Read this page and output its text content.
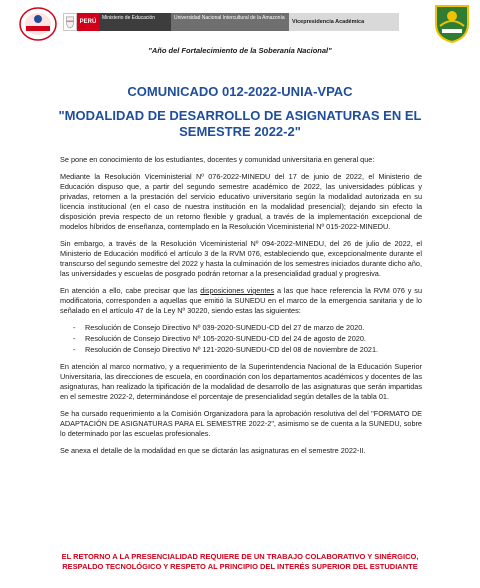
PERÚ
Ministerio de Educación	Universidad Nacional Intercultural de la Amazonía
Vicepresidencia Académica
"Año del Fortalecimiento de la Soberanía Nacional"
COMUNICADO 012-2022-UNIA-VPAC
"MODALIDAD DE DESARROLLO DE ASIGNATURAS EN EL SEMESTRE 2022-2"

Se pone en conocimiento de los estudiantes, docentes y comunidad universitaria en general que:

Mediante la Resolución Viceministerial Nº 076-2022-MINEDU del 17 de junio de 2022, el Ministerio de Educación dispuso que, a partir del segundo semestre académico de 2022, las universidades públicas y privadas, retornen a la prestación del servicio educativo universitario según la modalidad autorizada en su licencia institucional (en el caso de nuestra institución en la modalidad presencial); dejando sin efecto la disposición previa respecto de un retorno flexible y gradual, a través de la implementación excepcional de modelos híbridos de enseñanza, contemplado en la Resolución Viceministerial Nº 015-2022-MINEDU.

Sin embargo, a través de la Resolución Viceministerial Nº 094-2022-MINEDU, del 26 de julio de 2022, el Ministerio de Educación modificó el artículo 3 de la RVM 076, estableciendo que, excepcionalmente durante el transcurso del segundo semestre del 2022 y hasta la culminación de los semestres iniciados durante dicho año, las universidades y escuelas de posgrado podrán retornar a la presencialidad gradual y progresiva.

En atención a ello, cabe precisar que las disposiciones vigentes a las que hace referencia la RVM 076 y su modificatoria, corresponden a aquellas que emitió la SUNEDU en el marco de la emergencia sanitaria y de lo señalado en el artículo 47 de la Ley Nº 30220, siendo estas las siguientes:

- Resolución de Consejo Directivo Nº 039-2020-SUNEDU-CD del 27 de marzo de 2020.
- Resolución de Consejo Directivo Nº 105-2020-SUNEDU-CD del 24 de agosto de 2020.
- Resolución de Consejo Directivo Nº 121-2020-SUNEDU-CD del 08 de noviembre de 2021.

En atención al marco normativo, y a requerimiento de la Superintendencia Nacional de la Educación Superior Universitaria, las direcciones de escuela, en coordinación con los departamentos académicos y docentes de las asignaturas, han realizado la tipificación de la modalidad de desarrollo de las asignaturas que serán impartidas en el semestre 2022-2, determinándose el porcentaje de presencialidad según detalles de la tabla 01.

Se ha cursado requerimiento a la Comisión Organizadora para la aprobación resolutiva del del "FORMATO DE ADAPTACIÓN DE ASIGNATURAS PARA EL SEMESTRE 2022-2", asimismo se de cuenta a la SUNEDU, sobre lo determinado por las escuelas profesionales.

Se anexa el detalle de la modalidad en que se dictarán las asignaturas en el semestre 2022-II.

EL RETORNO A LA PRESENCIALIDAD REQUIERE DE UN TRABAJO COLABORATIVO Y SINÉRGICO, RESPALDO TECNOLÓGICO Y RESPETO AL PRINCIPIO DEL INTERÉS SUPERIOR DEL ESTUDIANTE
